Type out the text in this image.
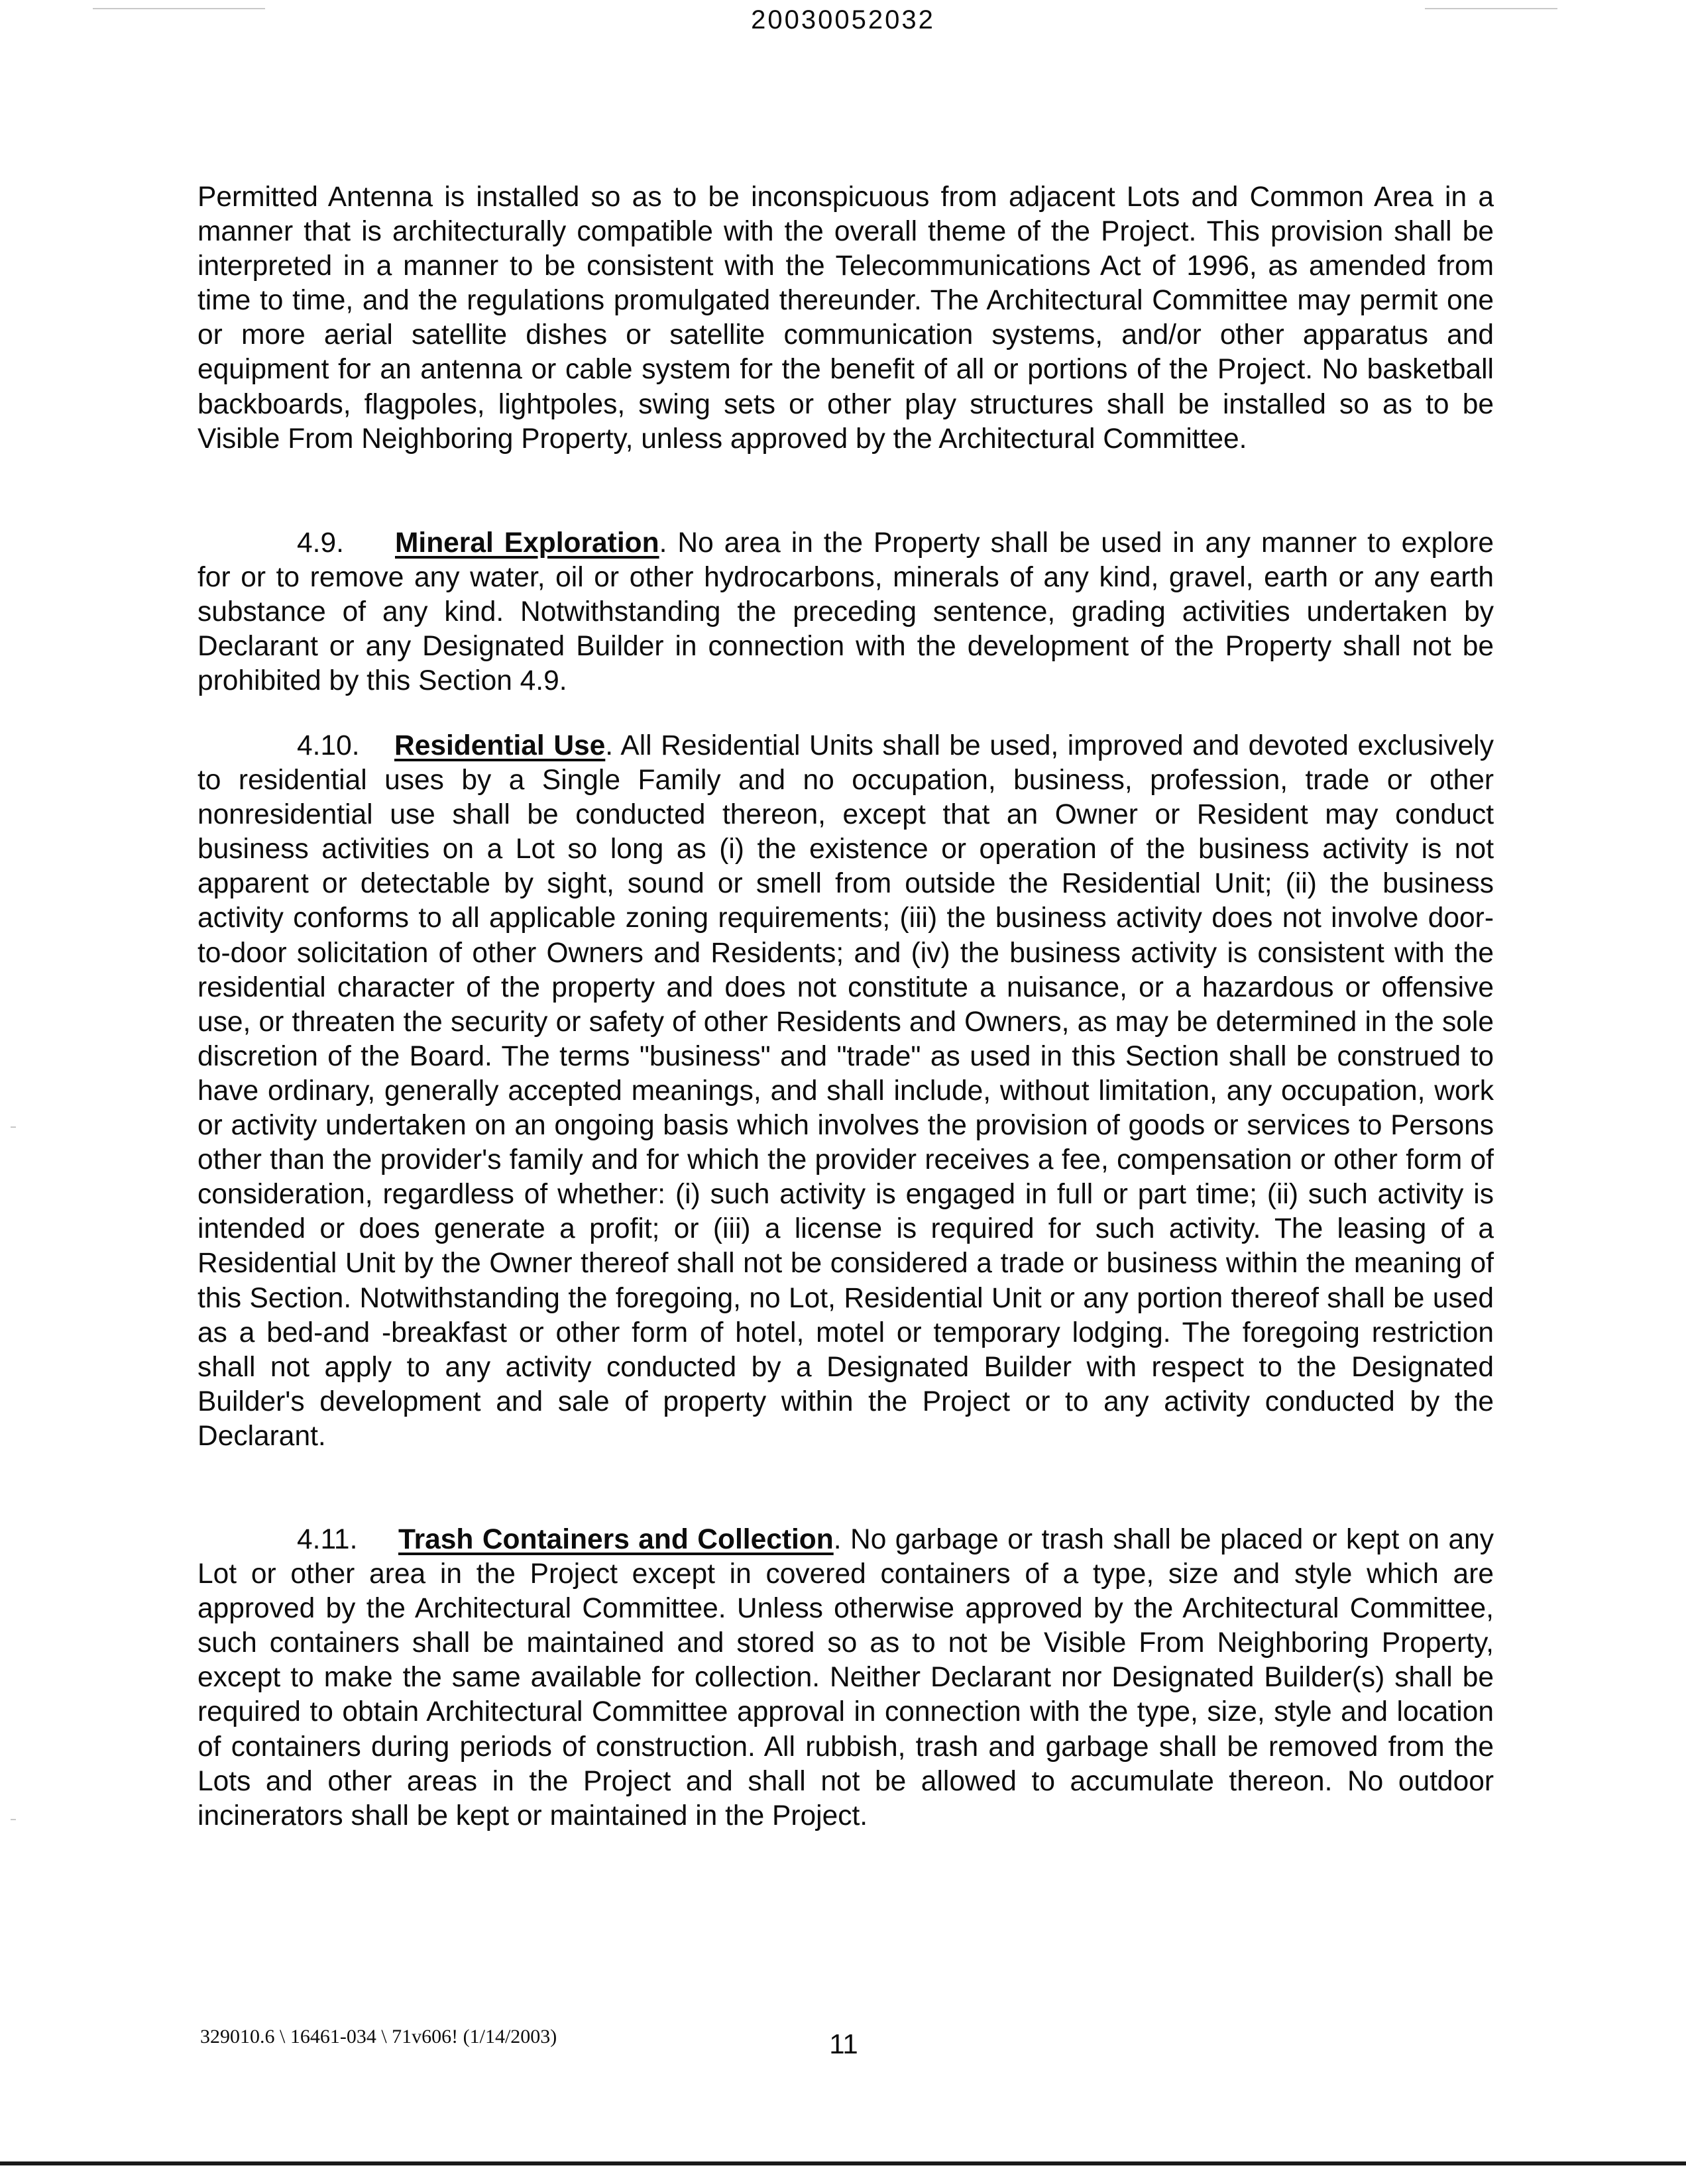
20030052032

Permitted Antenna is installed so as to be inconspicuous from adjacent Lots and Common Area in a manner that is architecturally compatible with the overall theme of the Project. This provision shall be interpreted in a manner to be consistent with the Telecommunications Act of 1996, as amended from time to time, and the regulations promulgated thereunder. The Architectural Committee may permit one or more aerial satellite dishes or satellite communication systems, and/or other apparatus and equipment for an antenna or cable system for the benefit of all or portions of the Project. No basketball backboards, flagpoles, lightpoles, swing sets or other play structures shall be installed so as to be Visible From Neighboring Property, unless approved by the Architectural Committee.

4.9. Mineral Exploration. No area in the Property shall be used in any manner to explore for or to remove any water, oil or other hydrocarbons, minerals of any kind, gravel, earth or any earth substance of any kind. Notwithstanding the preceding sentence, grading activities undertaken by Declarant or any Designated Builder in connection with the development of the Property shall not be prohibited by this Section 4.9.

4.10. Residential Use. All Residential Units shall be used, improved and devoted exclusively to residential uses by a Single Family and no occupation, business, profession, trade or other nonresidential use shall be conducted thereon, except that an Owner or Resident may conduct business activities on a Lot so long as (i) the existence or operation of the business activity is not apparent or detectable by sight, sound or smell from outside the Residential Unit; (ii) the business activity conforms to all applicable zoning requirements; (iii) the business activity does not involve door-to-door solicitation of other Owners and Residents; and (iv) the business activity is consistent with the residential character of the property and does not constitute a nuisance, or a hazardous or offensive use, or threaten the security or safety of other Residents and Owners, as may be determined in the sole discretion of the Board. The terms "business" and "trade" as used in this Section shall be construed to have ordinary, generally accepted meanings, and shall include, without limitation, any occupation, work or activity undertaken on an ongoing basis which involves the provision of goods or services to Persons other than the provider's family and for which the provider receives a fee, compensation or other form of consideration, regardless of whether: (i) such activity is engaged in full or part time; (ii) such activity is intended or does generate a profit; or (iii) a license is required for such activity. The leasing of a Residential Unit by the Owner thereof shall not be considered a trade or business within the meaning of this Section. Notwithstanding the foregoing, no Lot, Residential Unit or any portion thereof shall be used as a bed-and -breakfast or other form of hotel, motel or temporary lodging. The foregoing restriction shall not apply to any activity conducted by a Designated Builder with respect to the Designated Builder's development and sale of property within the Project or to any activity conducted by the Declarant.

4.11. Trash Containers and Collection. No garbage or trash shall be placed or kept on any Lot or other area in the Project except in covered containers of a type, size and style which are approved by the Architectural Committee. Unless otherwise approved by the Architectural Committee, such containers shall be maintained and stored so as to not be Visible From Neighboring Property, except to make the same available for collection. Neither Declarant nor Designated Builder(s) shall be required to obtain Architectural Committee approval in connection with the type, size, style and location of containers during periods of construction. All rubbish, trash and garbage shall be removed from the Lots and other areas in the Project and shall not be allowed to accumulate thereon. No outdoor incinerators shall be kept or maintained in the Project.

329010.6 \ 16461-034 \ 71v606! (1/14/2003)	11
